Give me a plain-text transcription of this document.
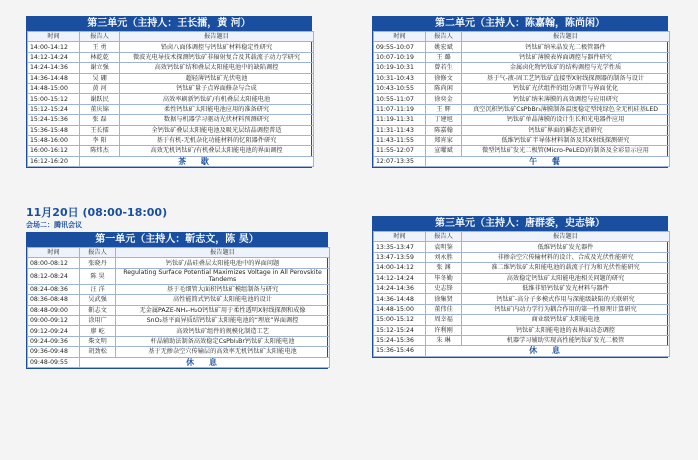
第三单元（主持人：王长擂，黄 河）
时间	报告人	报告题目
14:00-14:12	王 勇	铅卤八面体调控与钙钛矿材料稳定性研究
14:12-14:24	林乾乾	微波光电导技术探测钙钛矿非辐射复合及其载流子动力学研究
14:24-14:36	谢立强	高效钙钛矿结和叠层太阳能电池中的缺陷调控
14:36-14:48	吴 硼	超轻薄钙钛矿光伏电池
14:48-15:00	黄 河	钙钛矿量子点界面修杂与合成
15:00-15:12	谢跃民	高效率刷新钙钛矿/有机叠层太阳能电池
15:12-15:24	董庆锦	柔性钙钛矿太阳能电池应用的准备研究
15:24-15:36	张 磊	数据与机器学习驱动光伏材料预测研究
15:36-15:48	王长擂	全钙钛矿叠层太阳能电池及吸光层结晶调控普适
15:48-16:00	李 阳	基于有机-无机杂化功能材料的忆阻器件研究
16:00-16:12	陈炜杰	高效无机钙钛矿/有机叠层太阳能电池的界面调控
16:12-16:20	茶 歇	
第二单元（主持人：陈嘉翰，陈尚闲）
时间	报告人	报告题目
09:55-10:07	姚宏斌	钙钛矿纳米晶发光二极管器件
10:07-10:19	王 璐	钙钛矿薄膜表界面调控与器件研究
10:19-10:31	曾若生	金属卤化物钙钛矿的结构调控与光学性质
10:31-10:43	徐修文	基于气-液-固工艺钙钛矿直接型X射线探测器的制备与设计
10:43-10:55	陈尚闲	钙钛矿光伏组件的组分调节与界面优化
10:55-11:07	徐奕金	钙钛矿纳米薄膜的高效调控与应用研究
11:07-11:19	王 辉	真空沉积钙钛矿CsPbBr₃薄膜制备温度稳定型纯绿色全无机硅基LED
11:19-11:31	丁建旭	钙钛矿单晶薄膜的设计生长和光电器件应用
11:31-11:43	陈嘉翰	钙钛矿界面的瞬态光谱研究
11:43-11:55	郑宵家	低维钙钛矿半导体材料制备及其X射线探测研究
11:55-12:07	宣曜斌	微型钙钛矿发光二极管(Micro-PeLED)的制备及全彩显示应用
12:07-13:35	午 餐	
11月20日 (08:00-18:00)
会场二：腾讯会议
第一单元（主持人：靳志文，陈 昊）
时间	报告人	报告题目
08:00-08:12	张晓丹	钙钛矿/晶硅叠层太阳能电池中的界面问题
08:12-08:24	陈 昊	Regulating Surface Potential Maximizes Voltage in All Perovskite Tandems
08:24-08:36	汪 洋	基于毛细管大面积钙钛矿模组制备与研究
08:36-08:48	吴武强	高性能简式钙钛矿太阳能电池的设计
08:48-09:00	靳志文	无金属PAZE-NHₓ-H₂O钙钛矿用于柔性透明X射线探测和成像
09:00-09:12	涂用广	SnO₂基平面异质结钙钛矿太阳能电池的“埋底”界面调控
09:12-09:24	廖 屹	高效钙钛矿组件的规模化制造工艺
09:24-09:36	柴文明	杆晶辅助法制备高效稳定CsPbI₃Br钙钛矿太阳能电池
09:36-09:48	胡劲松	基于无掺杂空穴传输层的高效率无机钙钛矿太阳能电池
09:48-09:55	休 息	
第三单元（主持人：唐群委，史志锋）
时间	报告人	报告题目
13:35-13:47	袁明鉴	低维钙钛矿发光器件
13:47-13:59	刘永胜	非掺杂空穴传输材料的设计、合成及光伏性能研究
14:00-14:12	张 渊	准二维钙钛矿太阳能电池的载流子行为和光伏性能研究
14:12-14:24	毕冬勤	高效稳定钙钛矿太阳能电池相关问题的研究
14:24-14:36	史志锋	低维非铅钙钛矿发光材料与器件
14:36-14:48	徐集贤	钙钛矿-高分子多模式作用与深能级缺陷的关联研究
14:48-15:00	董伟佳	钙钛矿内动力学行为耦合作用的第一性原理计算研究
15:00-15:12	周幸福	商业级钙钛矿太阳能电池
15:12-15:24	许利刚	钙钛矿太阳能电池的表界面动态调控
15:24-15:36	朱 琳	机器学习辅助实现高性能钙钛矿发光二极管
15:36-15:46	休 息	
